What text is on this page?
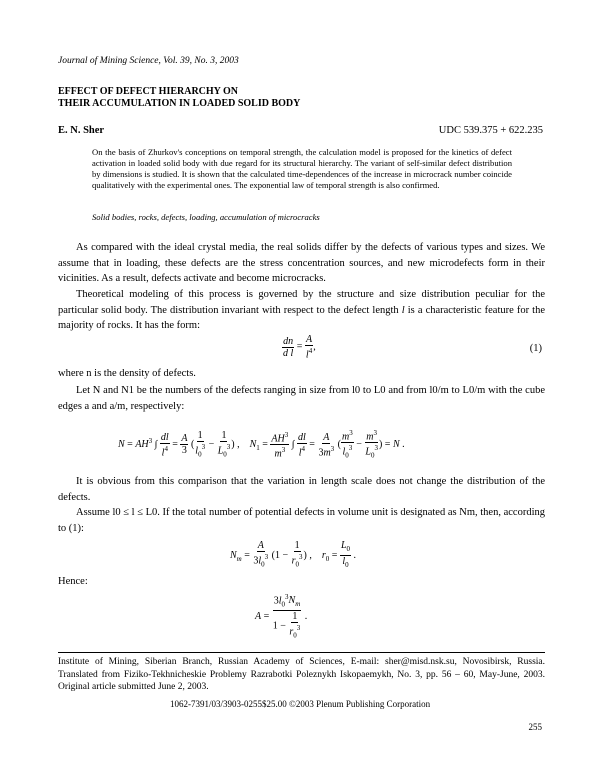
Journal of Mining Science, Vol. 39, No. 3, 2003
EFFECT OF DEFECT HIERARCHY ON
THEIR ACCUMULATION IN LOADED SOLID BODY
E. N. Sher	UDC 539.375 + 622.235
On the basis of Zhurkov's conceptions on temporal strength, the calculation model is proposed for the kinetics of defect activation in loaded solid body with due regard for its structural hierarchy. The variant of self-similar defect distribution by dimensions is studied. It is shown that the calculated time-dependences of the increase in microcrack number coincide qualitatively with the experimental ones. The exponential law of temporal strength is also confirmed.
Solid bodies, rocks, defects, loading, accumulation of microcracks
As compared with the ideal crystal media, the real solids differ by the defects of various types and sizes. We assume that in loading, these defects are the stress concentration sources, and new microdefects form in their vicinities. As a result, defects activate and become microcracks.
Theoretical modeling of this process is governed by the structure and size distribution peculiar for the particular solid body. The distribution invariant with respect to the defect length l is a characteristic feature for the majority of rocks. It has the form:
$\frac{dn}{\text{d l}} = \frac{A}{l^4}$ ,	(1)
where n is the density of defects.
Let N and N1 be the numbers of the defects ranging in size from l0 to L0 and from l0/m to L0/m with the cube edges a and a/m, respectively:
$N = AH^3$ ∫ $\frac{dl}{l^4} = \frac{A}{3}$ ( $\frac{1}{l_0^3} - \frac{1}{L_0^3}$ ) ,    $N_1 = \frac{AH^3}{m^3}$ ∫ $\frac{dl}{l^4} = \frac{A}{3m^3}$ ( $\frac{m^3}{l_0^3} - \frac{m^3}{L_0^3}$ ) = N .
It is obvious from this comparison that the variation in length scale does not change the distribution of the defects.
Assume l0 ≤ l ≤ L0. If the total number of potential defects in volume unit is designated as Nm, then, according to (1):
$N_m = \frac{A}{3l_0^3} (1 - \frac{1}{r_0^3}$ ) ,    $r_0 = \frac{L_0}{l_0}$ .
Hence:
$A = \frac{3l_0^3N_m}{1 - \frac{1}{r_0^3}}$ .
Institute of Mining, Siberian Branch, Russian Academy of Sciences, E-mail: sher@misd.nsk.su, Novosibirsk, Russia. Translated from Fiziko-Tekhnicheskie Problemy Razrabotki Poleznykh Iskopaemykh, No. 3, pp. 56 – 60, May-June, 2003. Original article submitted June 2, 2003.
1062-7391/03/3903-0255$25.00 ©2003 Plenum Publishing Corporation
255
